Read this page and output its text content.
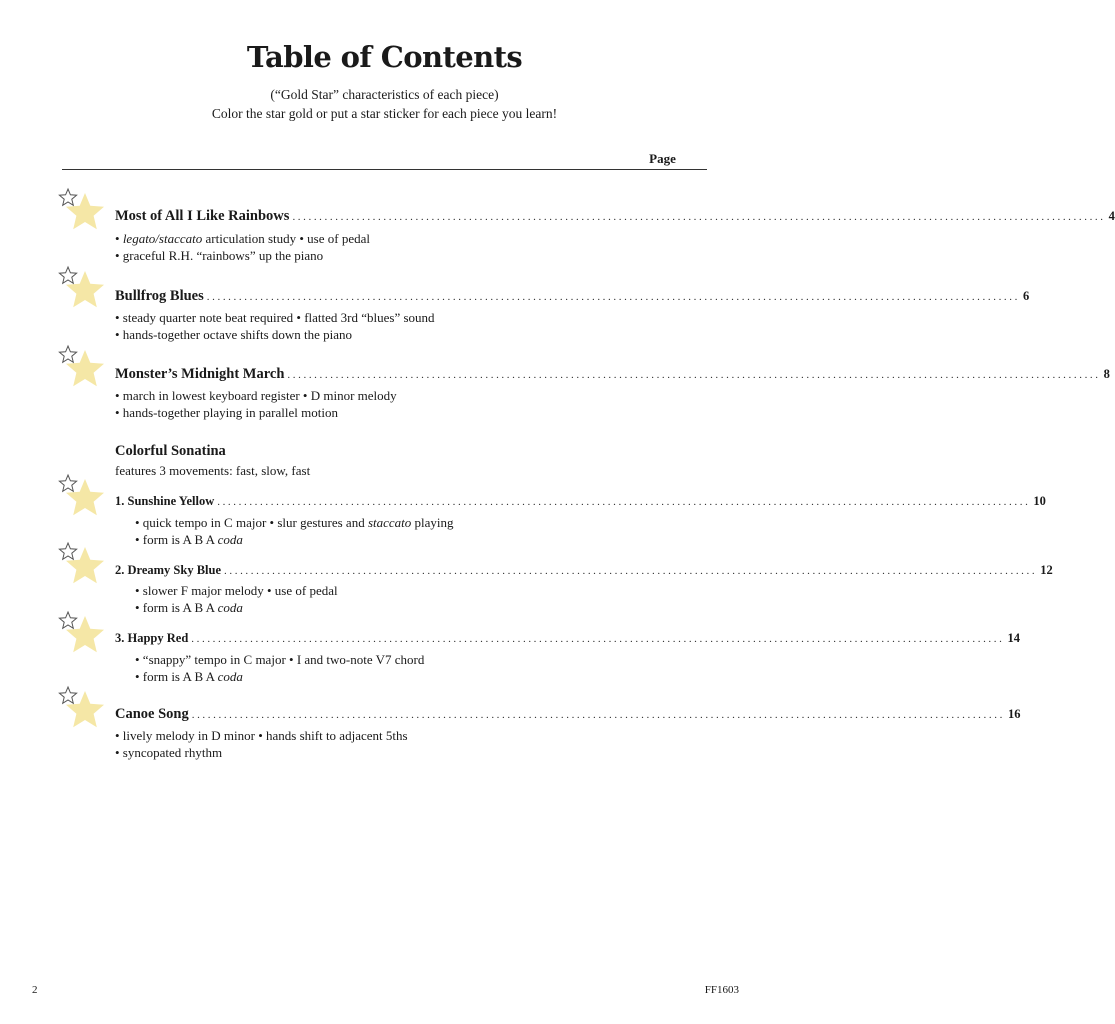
Table of Contents
(“Gold Star” characteristics of each piece)
Color the star gold or put a star sticker for each piece you learn!
Page
Most of All I Like Rainbows ........................................................................................................................................................ 4
• legato/staccato articulation study • use of pedal
• graceful R.H. “rainbows” up the piano
Bullfrog Blues ........................................................................................................................................................ 6
• steady quarter note beat required • flatted 3rd “blues” sound
• hands-together octave shifts down the piano
Monster’s Midnight March ........................................................................................................................................................ 8
• march in lowest keyboard register • D minor melody
• hands-together playing in parallel motion
Colorful Sonatina
features 3 movements: fast, slow, fast
1. Sunshine Yellow ........................................................................................................................................................ 10
• quick tempo in C major • slur gestures and staccato playing
• form is A B A coda
2. Dreamy Sky Blue ........................................................................................................................................................ 12
• slower F major melody • use of pedal
• form is A B A coda
3. Happy Red ........................................................................................................................................................ 14
• “snappy” tempo in C major • I and two-note V7 chord
• form is A B A coda
Canoe Song ........................................................................................................................................................ 16
• lively melody in D minor • hands shift to adjacent 5ths
• syncopated rhythm
2	FF1603
